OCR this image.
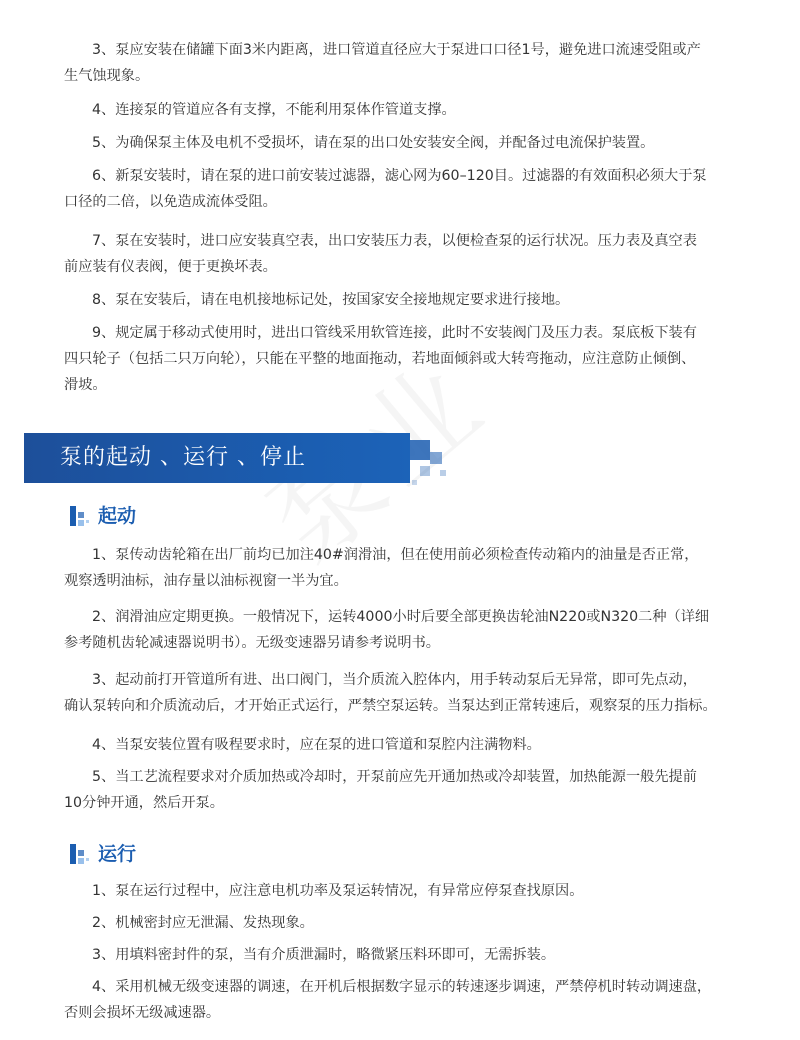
3、泵应安装在储罐下面3米内距离，进口管道直径应大于泵进口口径1号，避免进口流速受阻或产
生气蚀现象。

4、连接泵的管道应各有支撑，不能利用泵体作管道支撑。

5、为确保泵主体及电机不受损坏，请在泵的出口处安装安全阀，并配备过电流保护装置。

6、新泵安装时，请在泵的进口前安装过滤器，滤心网为60–120目。过滤器的有效面积必须大于泵
口径的二倍，以免造成流体受阻。

7、泵在安装时，进口应安装真空表，出口安装压力表，以便检查泵的运行状况。压力表及真空表
前应装有仪表阀，便于更换坏表。

8、泵在安装后，请在电机接地标记处，按国家安全接地规定要求进行接地。

9、规定属于移动式使用时，进出口管线采用软管连接，此时不安装阀门及压力表。泵底板下装有
四只轮子（包括二只万向轮），只能在平整的地面拖动，若地面倾斜或大转弯拖动，应注意防止倾倒、
滑坡。

泵的起动 、运行 、停止
起动

1、泵传动齿轮箱在出厂前均已加注40#润滑油，但在使用前必须检查传动箱内的油量是否正常，
观察透明油标，油存量以油标视窗一半为宜。

2、润滑油应定期更换。一般情况下，运转4000小时后要全部更换齿轮油N220或N320二种（详细
参考随机齿轮减速器说明书）。无级变速器另请参考说明书。

3、起动前打开管道所有进、出口阀门，当介质流入腔体内，用手转动泵后无异常，即可先点动，
确认泵转向和介质流动后，才开始正式运行，严禁空泵运转。当泵达到正常转速后，观察泵的压力指标。

4、当泵安装位置有吸程要求时，应在泵的进口管道和泵腔内注满物料。

5、当工艺流程要求对介质加热或冷却时，开泵前应先开通加热或冷却装置，加热能源一般先提前
10分钟开通，然后开泵。

运行

1、泵在运行过程中，应注意电机功率及泵运转情况，有异常应停泵查找原因。

2、机械密封应无泄漏、发热现象。

3、用填料密封件的泵，当有介质泄漏时，略微紧压料环即可，无需拆装。

4、采用机械无级变速器的调速，在开机后根据数字显示的转速逐步调速，严禁停机时转动调速盘，
否则会损坏无级减速器。
